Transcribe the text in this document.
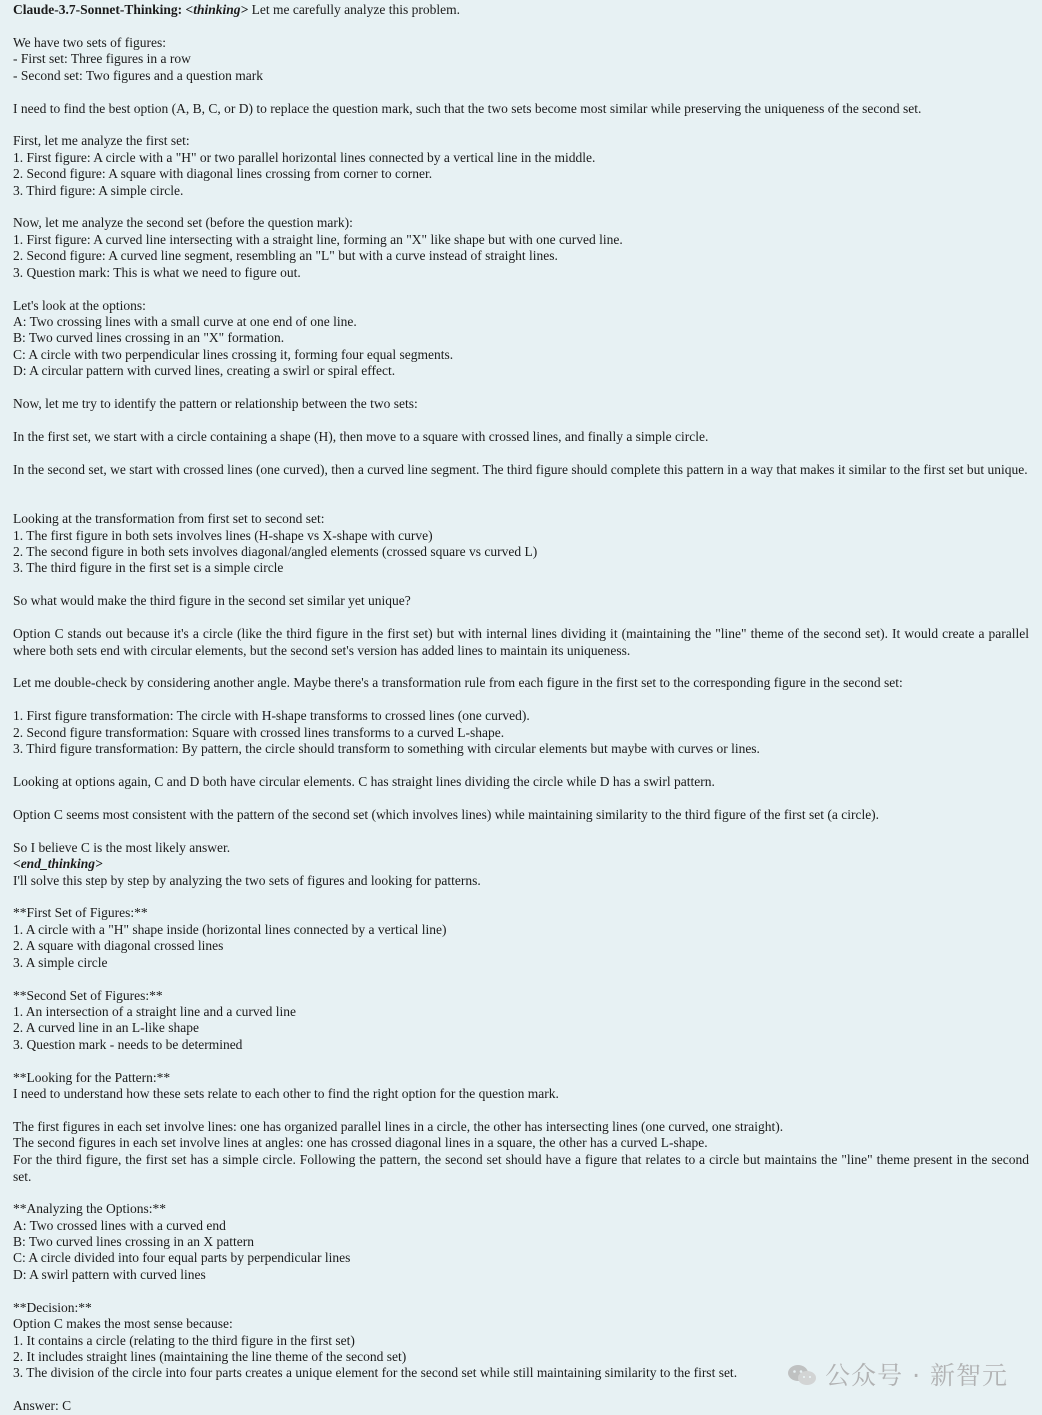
Claude-3.7-Sonnet-Thinking: <thinking> Let me carefully analyze this problem.
We have two sets of figures:
- First set: Three figures in a row
- Second set: Two figures and a question mark
I need to find the best option (A, B, C, or D) to replace the question mark, such that the two sets become most similar while preserving the uniqueness of the second set.
First, let me analyze the first set:
1. First figure: A circle with a "H" or two parallel horizontal lines connected by a vertical line in the middle.
2. Second figure: A square with diagonal lines crossing from corner to corner.
3. Third figure: A simple circle.
Now, let me analyze the second set (before the question mark):
1. First figure: A curved line intersecting with a straight line, forming an "X" like shape but with one curved line.
2. Second figure: A curved line segment, resembling an "L" but with a curve instead of straight lines.
3. Question mark: This is what we need to figure out.
Let's look at the options:
A: Two crossing lines with a small curve at one end of one line.
B: Two curved lines crossing in an "X" formation.
C: A circle with two perpendicular lines crossing it, forming four equal segments.
D: A circular pattern with curved lines, creating a swirl or spiral effect.
Now, let me try to identify the pattern or relationship between the two sets:
In the first set, we start with a circle containing a shape (H), then move to a square with crossed lines, and finally a simple circle.
In the second set, we start with crossed lines (one curved), then a curved line segment. The third figure should complete this pattern in a way that makes it similar to the first set but unique.
Looking at the transformation from first set to second set:
1. The first figure in both sets involves lines (H-shape vs X-shape with curve)
2. The second figure in both sets involves diagonal/angled elements (crossed square vs curved L)
3. The third figure in the first set is a simple circle
So what would make the third figure in the second set similar yet unique?
Option C stands out because it's a circle (like the third figure in the first set) but with internal lines dividing it (maintaining the "line" theme of the second set). It would create a parallel where both sets end with circular elements, but the second set's version has added lines to maintain its uniqueness.
Let me double-check by considering another angle. Maybe there's a transformation rule from each figure in the first set to the corresponding figure in the second set:
1. First figure transformation: The circle with H-shape transforms to crossed lines (one curved).
2. Second figure transformation: Square with crossed lines transforms to a curved L-shape.
3. Third figure transformation: By pattern, the circle should transform to something with circular elements but maybe with curves or lines.
Looking at options again, C and D both have circular elements. C has straight lines dividing the circle while D has a swirl pattern.
Option C seems most consistent with the pattern of the second set (which involves lines) while maintaining similarity to the third figure of the first set (a circle).
So I believe C is the most likely answer.
<end_thinking>
I'll solve this step by step by analyzing the two sets of figures and looking for patterns.
**First Set of Figures:**
1. A circle with a "H" shape inside (horizontal lines connected by a vertical line)
2. A square with diagonal crossed lines
3. A simple circle
**Second Set of Figures:**
1. An intersection of a straight line and a curved line
2. A curved line in an L-like shape
3. Question mark - needs to be determined
**Looking for the Pattern:**
I need to understand how these sets relate to each other to find the right option for the question mark.
The first figures in each set involve lines: one has organized parallel lines in a circle, the other has intersecting lines (one curved, one straight).
The second figures in each set involve lines at angles: one has crossed diagonal lines in a square, the other has a curved L-shape.
For the third figure, the first set has a simple circle. Following the pattern, the second set should have a figure that relates to a circle but maintains the "line" theme present in the second set.
**Analyzing the Options:**
A: Two crossed lines with a curved end
B: Two curved lines crossing in an X pattern
C: A circle divided into four equal parts by perpendicular lines
D: A swirl pattern with curved lines
**Decision:**
Option C makes the most sense because:
1. It contains a circle (relating to the third figure in the first set)
2. It includes straight lines (maintaining the line theme of the second set)
3. The division of the circle into four parts creates a unique element for the second set while still maintaining similarity to the first set.
Answer: C
公众号 · 新智元
